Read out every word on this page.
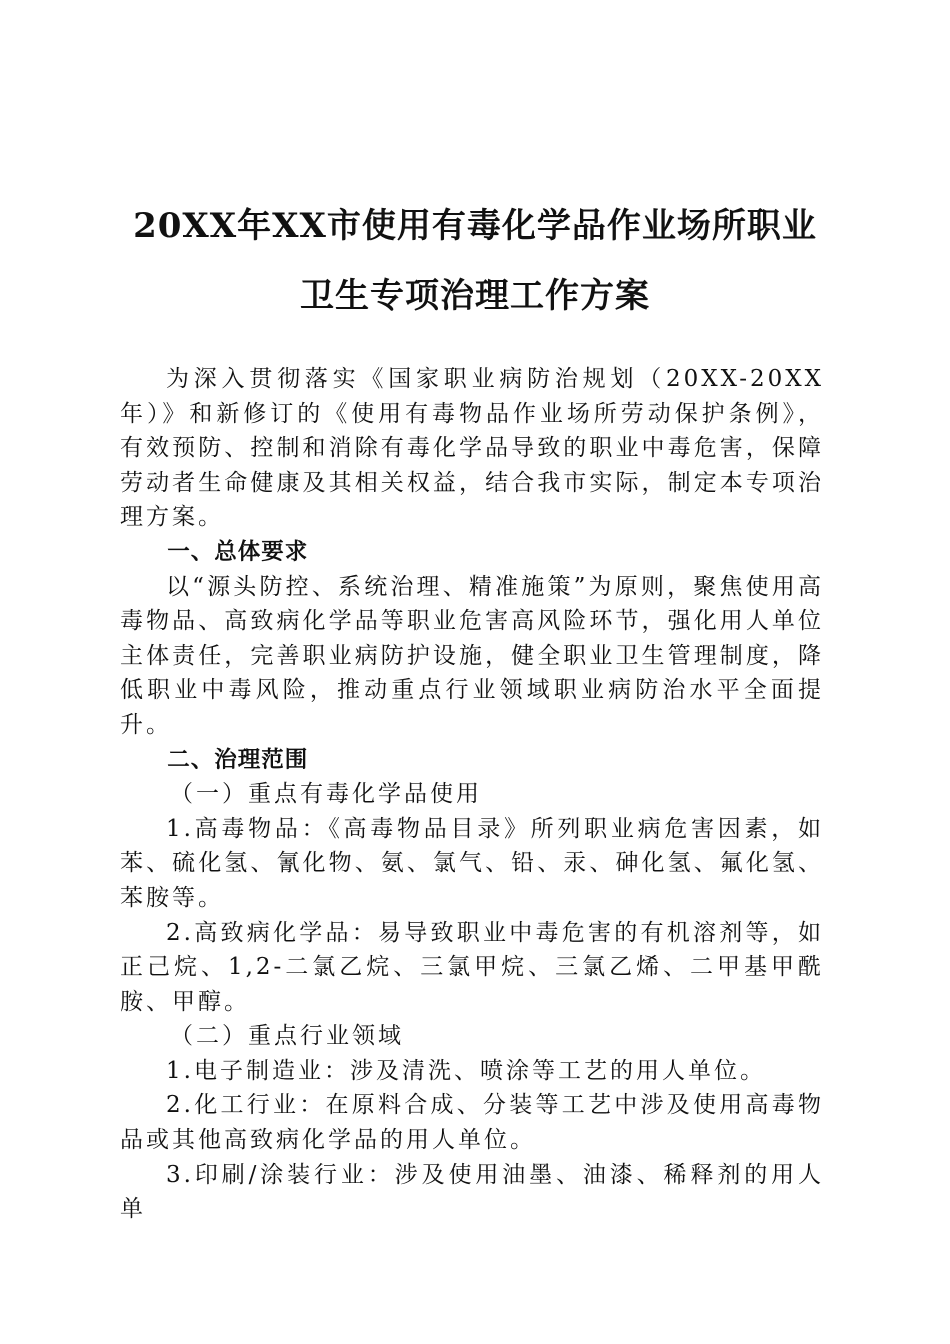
20XX年XX市使用有毒化学品作业场所职业
卫生专项治理工作方案

为深入贯彻落实《国家职业病防治规划（20XX-20XX年）》和新修订的《使用有毒物品作业场所劳动保护条例》，有效预防、控制和消除有毒化学品导致的职业中毒危害，保障劳动者生命健康及其相关权益，结合我市实际，制定本专项治理方案。

一、总体要求

以“源头防控、系统治理、精准施策”为原则，聚焦使用高毒物品、高致病化学品等职业危害高风险环节，强化用人单位主体责任，完善职业病防护设施，健全职业卫生管理制度，降低职业中毒风险，推动重点行业领域职业病防治水平全面提升。

二、治理范围

（一）重点有毒化学品使用

1.高毒物品：《高毒物品目录》所列职业病危害因素，如苯、硫化氢、氰化物、氨、氯气、铅、汞、砷化氢、氟化氢、苯胺等。

2.高致病化学品：易导致职业中毒危害的有机溶剂等，如正己烷、1,2-二氯乙烷、三氯甲烷、三氯乙烯、二甲基甲酰胺、甲醇。

（二）重点行业领域

1.电子制造业：涉及清洗、喷涂等工艺的用人单位。

2.化工行业：在原料合成、分装等工艺中涉及使用高毒物品或其他高致病化学品的用人单位。

3.印刷/涂装行业：涉及使用油墨、油漆、稀释剂的用人单
